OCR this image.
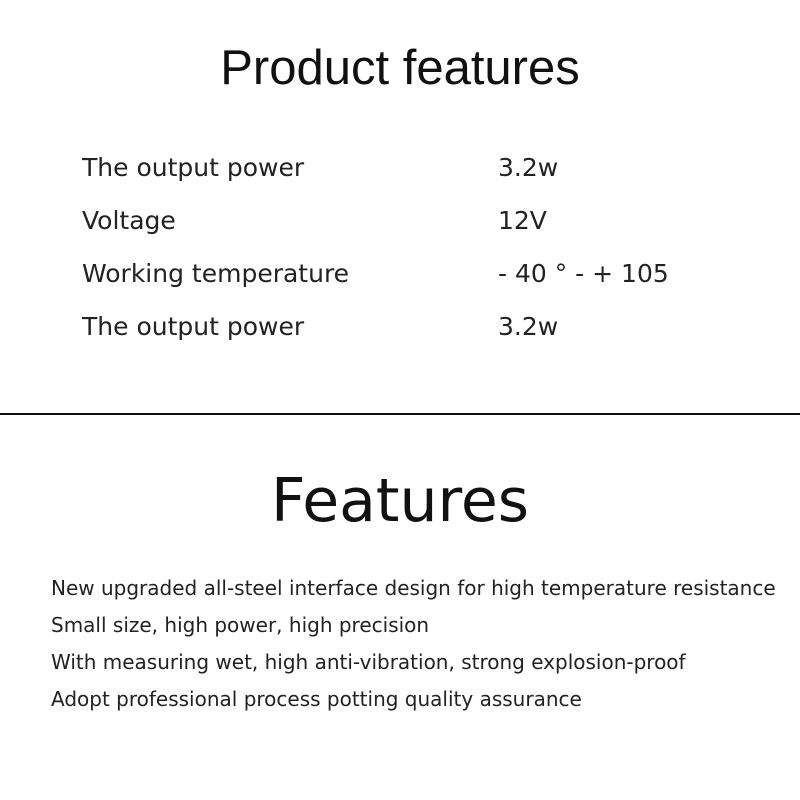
Product features
The output power	3.2w
Voltage	12V
Working temperature	- 40 ° - + 105
The output power	3.2w
Features
New upgraded all-steel interface design for high temperature resistance
Small size, high power, high precision
With measuring wet, high anti-vibration, strong explosion-proof
Adopt professional process potting quality assurance
